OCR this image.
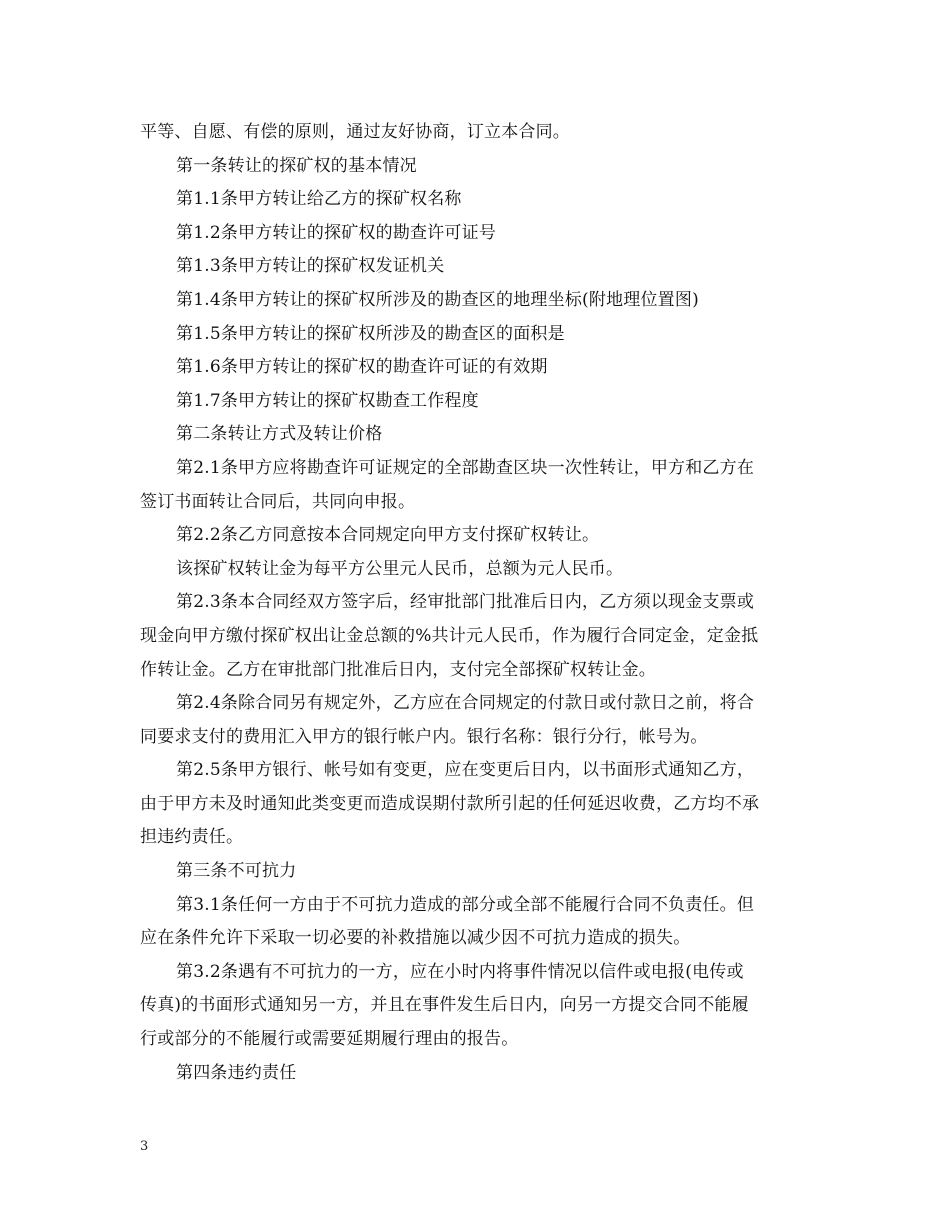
平等、自愿、有偿的原则，通过友好协商，订立本合同。
第一条转让的探矿权的基本情况
第1.1条甲方转让给乙方的探矿权名称
第1.2条甲方转让的探矿权的勘查许可证号
第1.3条甲方转让的探矿权发证机关
第1.4条甲方转让的探矿权所涉及的勘查区的地理坐标(附地理位置图)
第1.5条甲方转让的探矿权所涉及的勘查区的面积是
第1.6条甲方转让的探矿权的勘查许可证的有效期
第1.7条甲方转让的探矿权勘查工作程度
第二条转让方式及转让价格
第2.1条甲方应将勘查许可证规定的全部勘查区块一次性转让，甲方和乙方在
签订书面转让合同后，共同向申报。
第2.2条乙方同意按本合同规定向甲方支付探矿权转让。
该探矿权转让金为每平方公里元人民币，总额为元人民币。
第2.3条本合同经双方签字后，经审批部门批准后日内，乙方须以现金支票或
现金向甲方缴付探矿权出让金总额的%共计元人民币，作为履行合同定金，定金抵
作转让金。乙方在审批部门批准后日内，支付完全部探矿权转让金。
第2.4条除合同另有规定外，乙方应在合同规定的付款日或付款日之前，将合
同要求支付的费用汇入甲方的银行帐户内。银行名称：银行分行，帐号为。
第2.5条甲方银行、帐号如有变更，应在变更后日内，以书面形式通知乙方，
由于甲方未及时通知此类变更而造成误期付款所引起的任何延迟收费，乙方均不承
担违约责任。
第三条不可抗力
第3.1条任何一方由于不可抗力造成的部分或全部不能履行合同不负责任。但
应在条件允许下采取一切必要的补救措施以减少因不可抗力造成的损失。
第3.2条遇有不可抗力的一方，应在小时内将事件情况以信件或电报(电传或
传真)的书面形式通知另一方，并且在事件发生后日内，向另一方提交合同不能履
行或部分的不能履行或需要延期履行理由的报告。
第四条违约责任
3
